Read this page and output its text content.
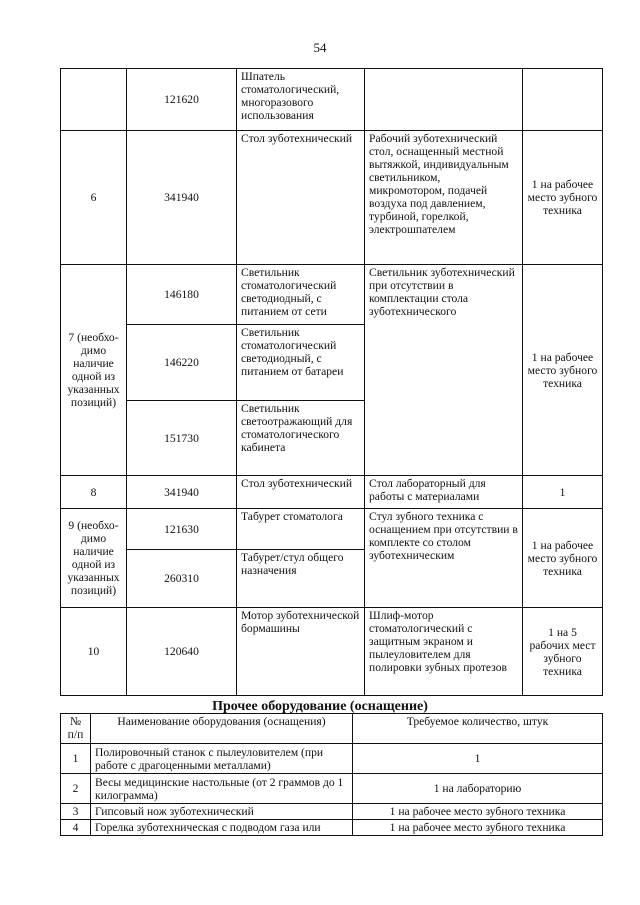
54
	121620	Шпатель стоматологический, многоразового использования		
6	341940	Стол зуботехнический	Рабочий зуботехнический стол, оснащенный местной вытяжкой, индивидуальным светильником, микромотором, подачей воздуха под давлением, турбиной, горелкой, электрошпателем	1 на рабочее место зубного техника
7 (необхо-димо наличие одной из указанных позиций)	146180	Светильник стоматологический светодиодный, с питанием от сети	Светильник зуботехнический при отсутствии в комплектации стола зуботехнического	1 на рабочее место зубного техника
	146220	Светильник стоматологический светодиодный, с питанием от батареи		
	151730	Светильник светоотражающий для стоматологического кабинета		
8	341940	Стол зуботехнический	Стол лабораторный для работы с материалами	1
9 (необхо-димо наличие одной из указанных позиций)	121630	Табурет стоматолога	Стул зубного техника с оснащением при отсутствии в комплекте со столом зуботехническим	1 на рабочее место зубного техника
	260310	Табурет/стул общего назначения		
10	120640	Мотор зуботехнической бормашины	Шлиф-мотор стоматологический с защитным экраном и пылеуловителем для полировки зубных протезов	1 на 5 рабочих мест зубного техника
Прочее оборудование (оснащение)
№ п/п	Наименование оборудования (оснащения)	Требуемое количество, штук
1	Полировочный станок с пылеуловителем (при работе с драгоценными металлами)	1
2	Весы медицинские настольные (от 2 граммов до 1 килограмма)	1 на лабораторию
3	Гипсовый нож зуботехнический	1 на рабочее место зубного техника
4	Горелка зуботехническая с подводом газа или	1 на рабочее место зубного техника
